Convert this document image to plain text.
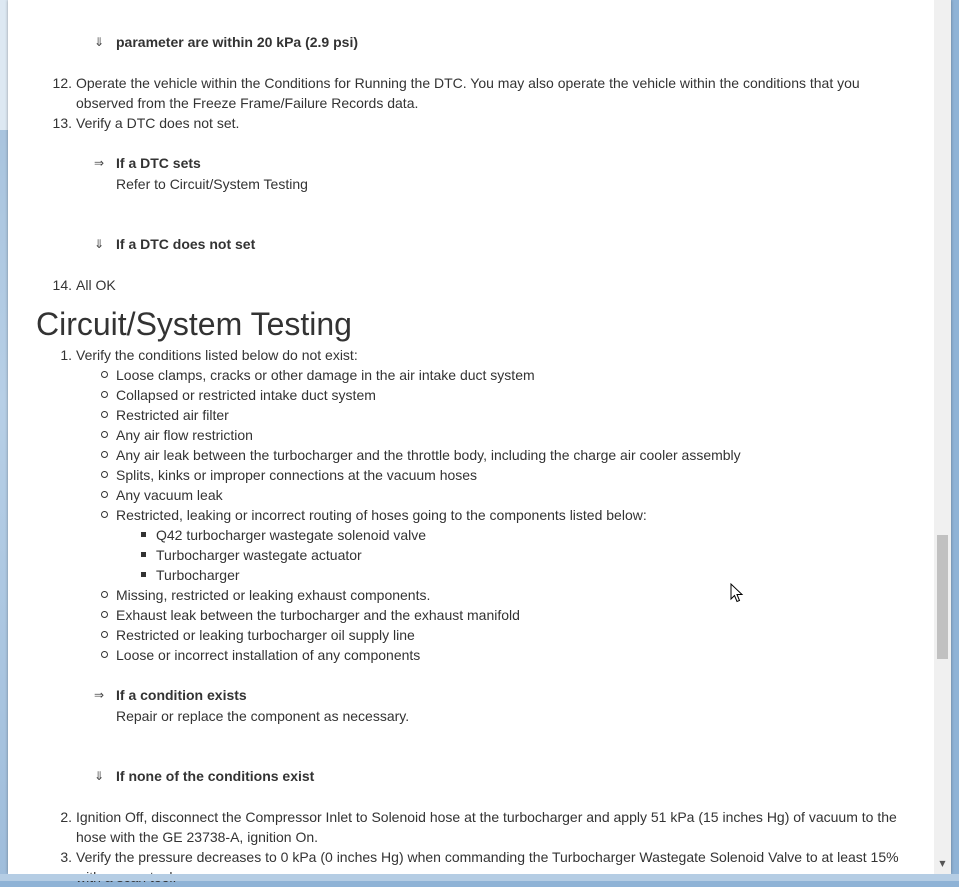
⇓ parameter are within 20 kPa (2.9 psi)
12. Operate the vehicle within the Conditions for Running the DTC. You may also operate the vehicle within the conditions that you
observed from the Freeze Frame/Failure Records data.
13. Verify a DTC does not set.
⇒ If a DTC sets
Refer to Circuit/System Testing
⇓ If a DTC does not set
14. All OK
Circuit/System Testing
1. Verify the conditions listed below do not exist:
Loose clamps, cracks or other damage in the air intake duct system
Collapsed or restricted intake duct system
Restricted air filter
Any air flow restriction
Any air leak between the turbocharger and the throttle body, including the charge air cooler assembly
Splits, kinks or improper connections at the vacuum hoses
Any vacuum leak
Restricted, leaking or incorrect routing of hoses going to the components listed below:
Q42 turbocharger wastegate solenoid valve
Turbocharger wastegate actuator
Turbocharger
Missing, restricted or leaking exhaust components.
Exhaust leak between the turbocharger and the exhaust manifold
Restricted or leaking turbocharger oil supply line
Loose or incorrect installation of any components
⇒ If a condition exists
Repair or replace the component as necessary.
⇓ If none of the conditions exist
2. Ignition Off, disconnect the Compressor Inlet to Solenoid hose at the turbocharger and apply 51 kPa (15 inches Hg) of vacuum to the
hose with the GE 23738-A, ignition On.
3. Verify the pressure decreases to 0 kPa (0 inches Hg) when commanding the Turbocharger Wastegate Solenoid Valve to at least 15%	▼
